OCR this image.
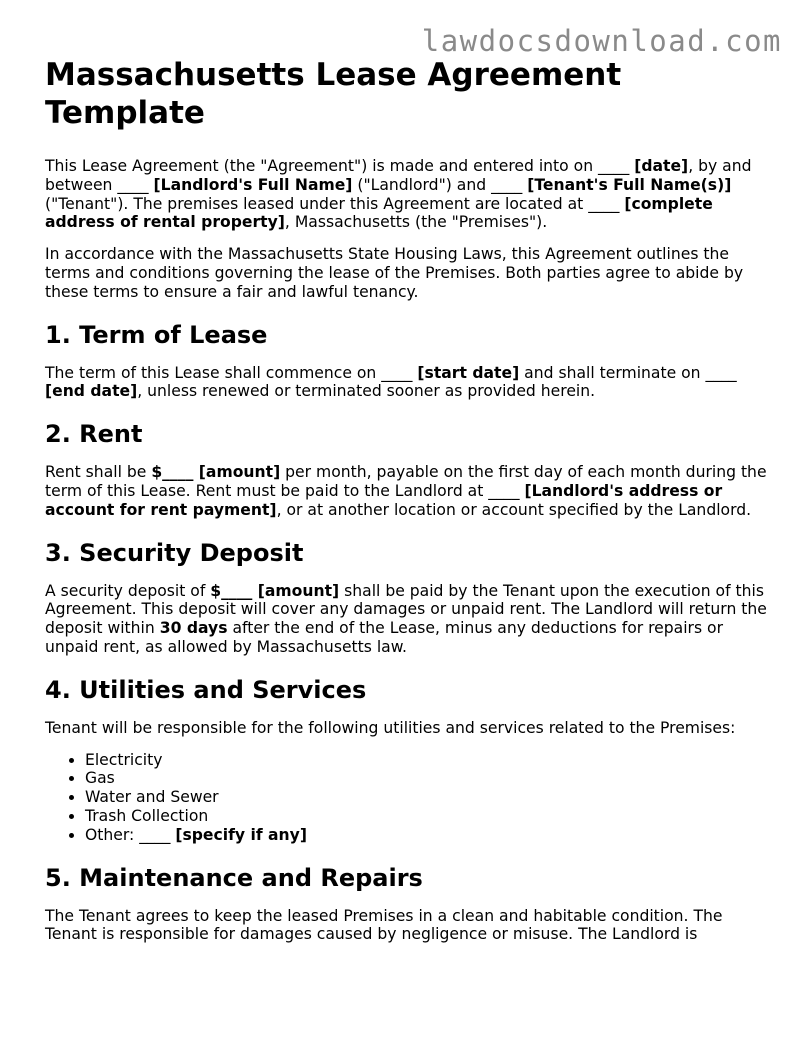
lawdocsdownload.com
Massachusetts Lease Agreement Template

This Lease Agreement (the "Agreement") is made and entered into on ____ [date], by and between ____ [Landlord's Full Name] ("Landlord") and ____ [Tenant's Full Name(s)] ("Tenant"). The premises leased under this Agreement are located at ____ [complete address of rental property], Massachusetts (the "Premises").

In accordance with the Massachusetts State Housing Laws, this Agreement outlines the terms and conditions governing the lease of the Premises. Both parties agree to abide by these terms to ensure a fair and lawful tenancy.

1. Term of Lease

The term of this Lease shall commence on ____ [start date] and shall terminate on ____ [end date], unless renewed or terminated sooner as provided herein.

2. Rent

Rent shall be $____ [amount] per month, payable on the first day of each month during the term of this Lease. Rent must be paid to the Landlord at ____ [Landlord's address or account for rent payment], or at another location or account specified by the Landlord.

3. Security Deposit

A security deposit of $____ [amount] shall be paid by the Tenant upon the execution of this Agreement. This deposit will cover any damages or unpaid rent. The Landlord will return the deposit within 30 days after the end of the Lease, minus any deductions for repairs or unpaid rent, as allowed by Massachusetts law.

4. Utilities and Services

Tenant will be responsible for the following utilities and services related to the Premises:

• Electricity
• Gas
• Water and Sewer
• Trash Collection
• Other: ____ [specify if any]
5. Maintenance and Repairs

The Tenant agrees to keep the leased Premises in a clean and habitable condition. The Tenant is responsible for damages caused by negligence or misuse. The Landlord is
